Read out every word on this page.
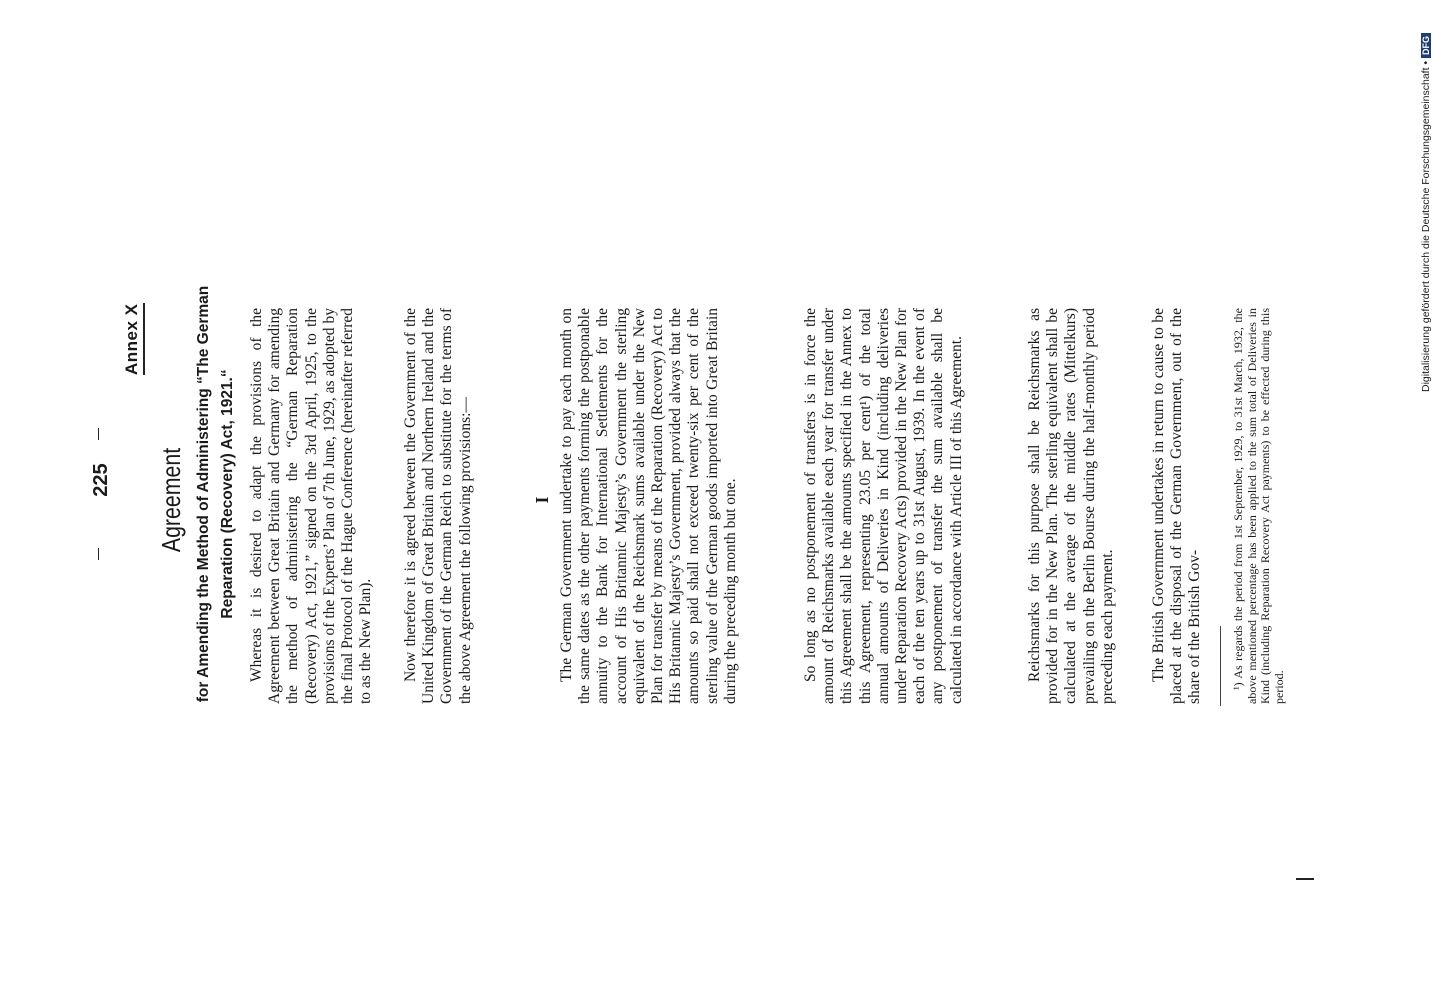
225
Annex X
Agreement for Amending the Method of Administering “The German Reparation (Recovery) Act, 1921.“ Whereas it is desired to adapt the provisions of the Agreement between Great Britain and Germany for amending the method of administering the “German Reparation (Recovery) Act, 1921,” signed on the 3rd April, 1925, to the provisions of the Experts’ Plan of 7th June, 1929, as adopted by the final Protocol of the Hague Conference (hereinafter referred to as the New Plan). Now therefore it is agreed between the Government of the United Kingdom of Great Britain and Northern Ireland and the Government of the German Reich to substitute for the terms of the above Agreement the following provisions:—	I The German Government undertake to pay each month on the same dates as the other payments forming the postponable annuity to the Bank for International Settlements for the account of His Britannic Majesty’s Government the sterling equivalent of the Reichsmark sums available under the New Plan for transfer by means of the Reparation (Recovery) Act to His Britannic Majesty’s Government, provided always that the amounts so paid shall not exceed twenty-six per cent of the sterling value of the German goods imported into Great Britain during the preceding month but one.	So long as no postponement of transfers is in force the amount of Reichsmarks available each year for transfer under this Agreement shall be the amounts specified in the Annex to this Agreement, representing 23.05 per cent¹) of the total annual amounts of Deliveries in Kind (including deliveries under Reparation Recovery Acts) provided in the New Plan for each of the ten years up to 31st August, 1939. In the event of any postponement of transfer the sum available shall be calculated in accordance with Article III of this Agreement.	Reichsmarks for this purpose shall be Reichsmarks as provided for in the New Plan. The sterling equivalent shall be calculated at the average of the middle rates (Mittelkurs) prevailing on the Berlin Bourse during the half-monthly period preceding each payment. The British Government undertakes in return to cause to be placed at the disposal of the German Government, out of the share of the British Gov- ¹) As regards the period from 1st September, 1929, to 31st March, 1932, the above mentioned percentage has been applied to the sum total of Deliveries in Kind (including Reparation Recovery Act payments) to be effected during this period.

Digitalisierung gefördert durch die Deutsche Forschungsgemeinschaft • DFG
